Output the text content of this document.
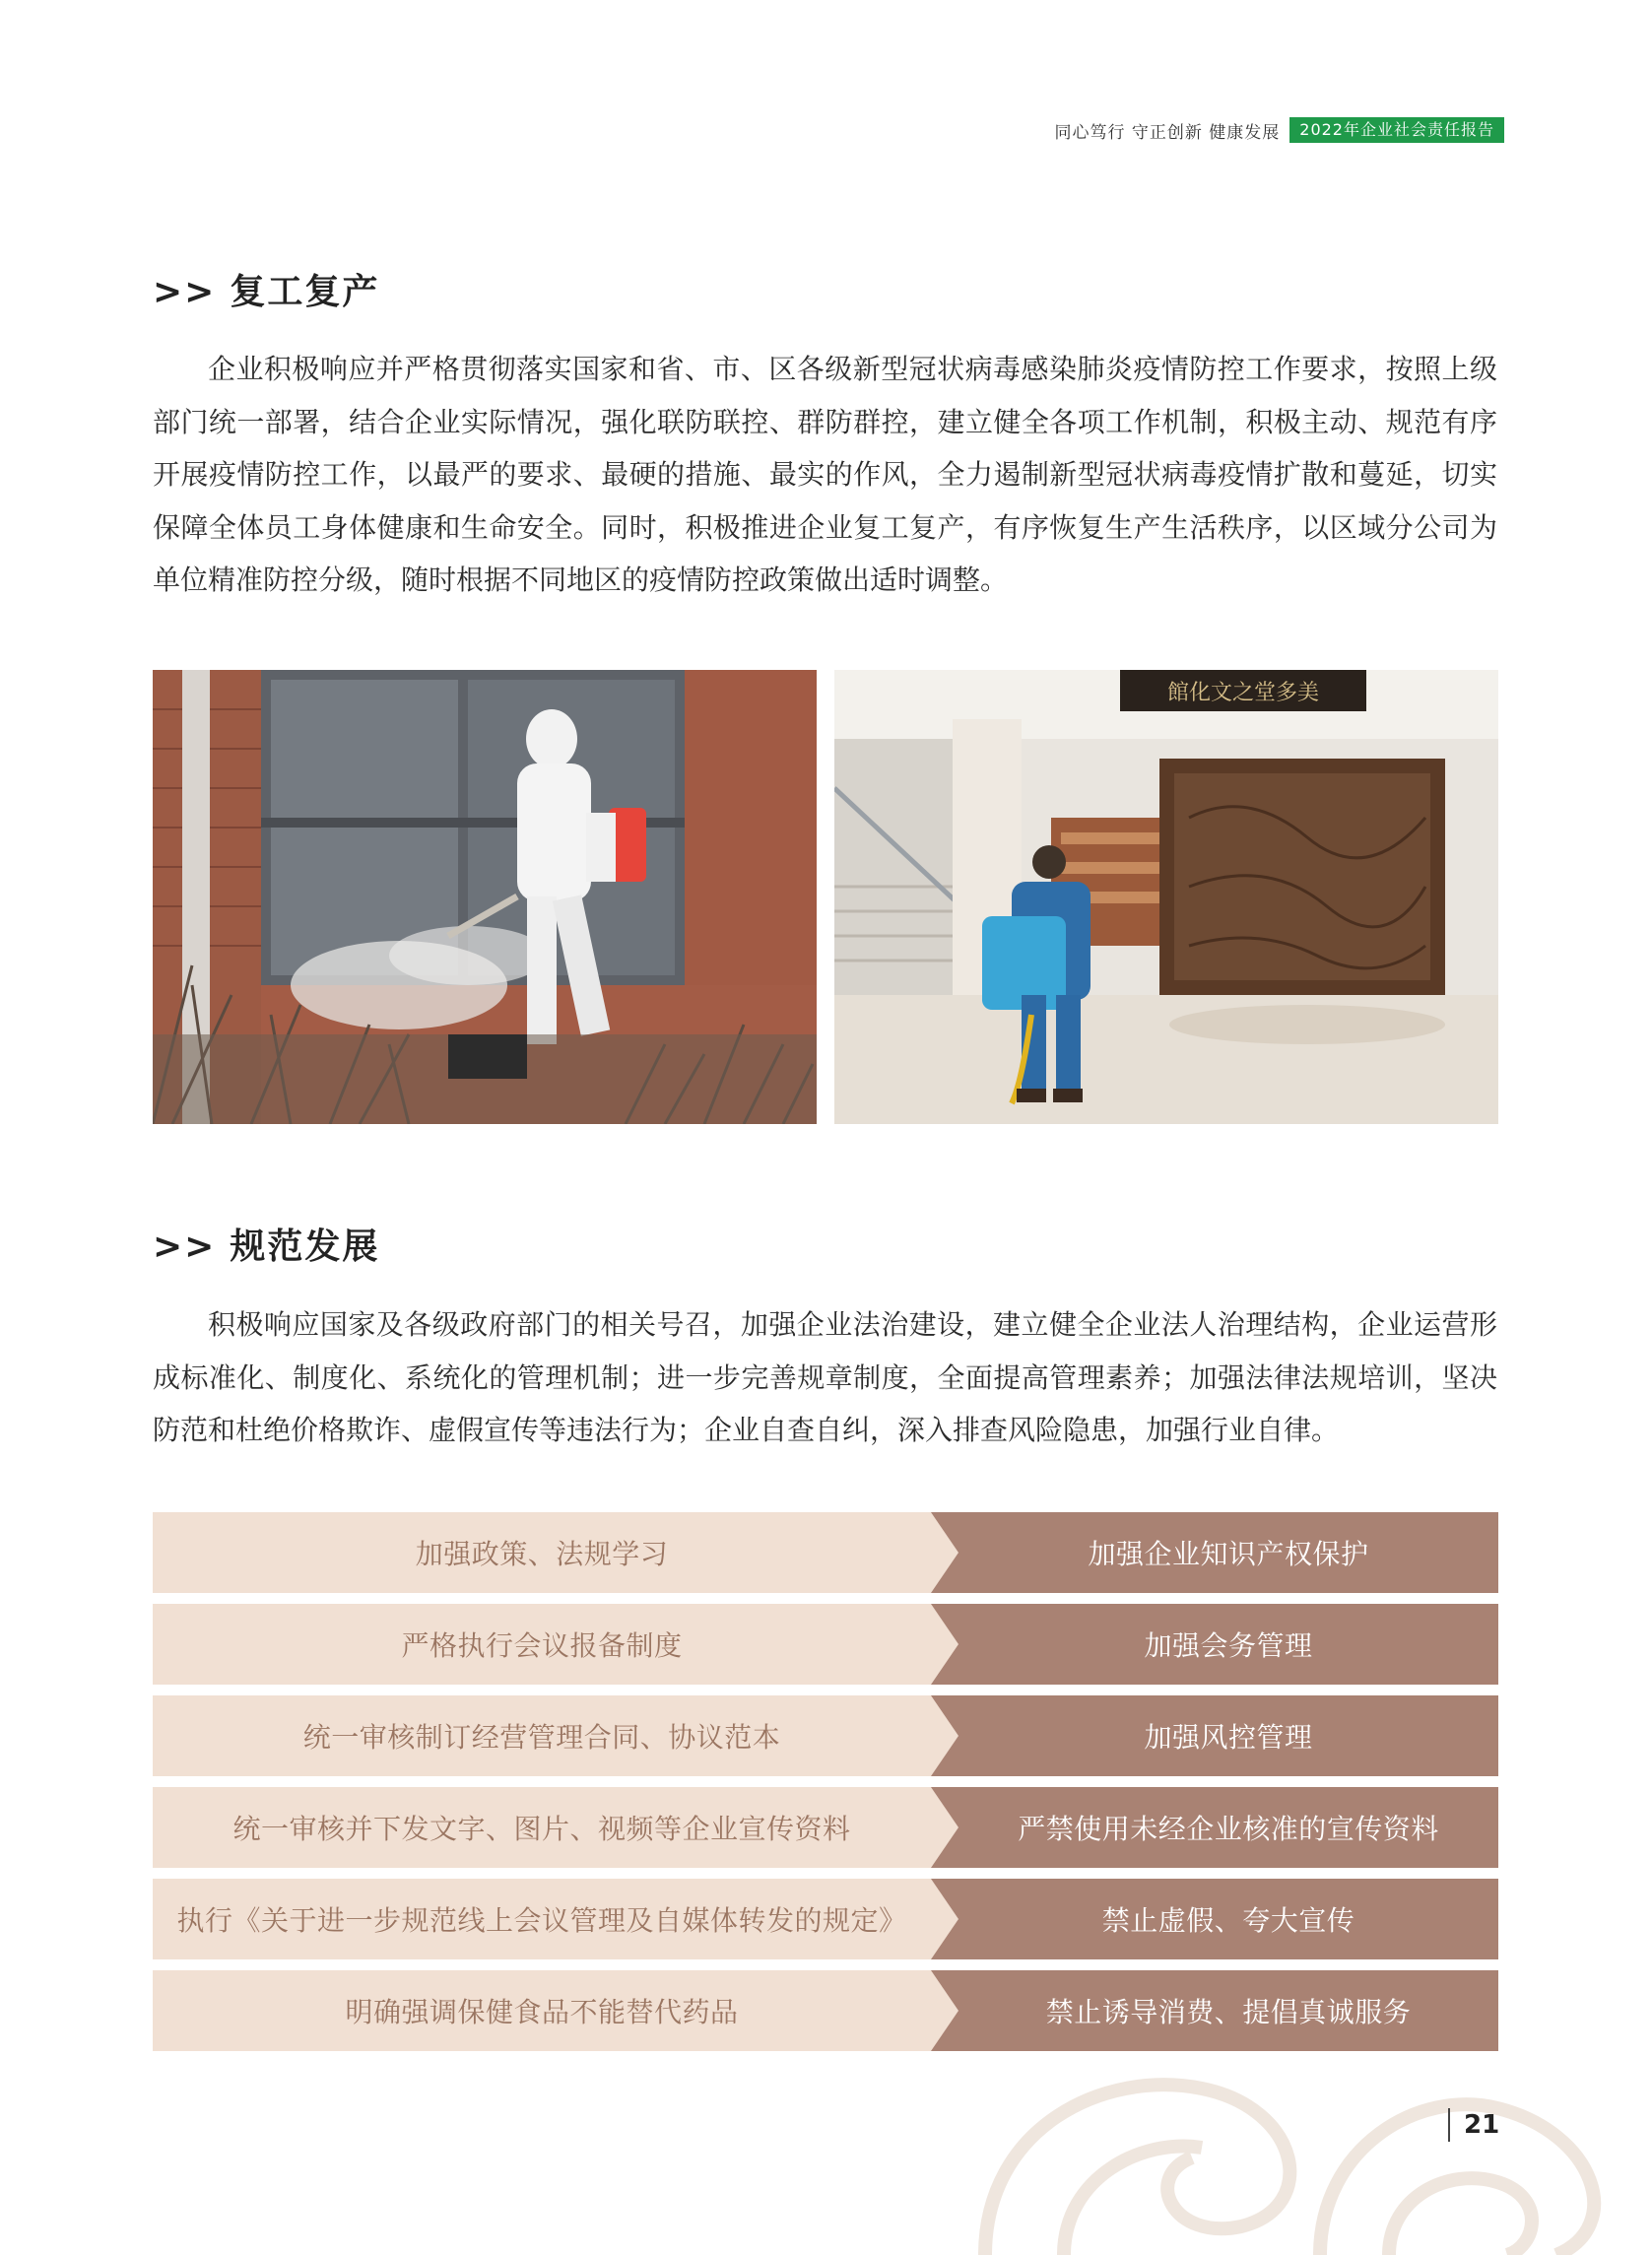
同心笃行 守正创新 健康发展	2022年企业社会责任报告
>> 复工复产

企业积极响应并严格贯彻落实国家和省、市、区各级新型冠状病毒感染肺炎疫情防控工作要求，按照上级部门统一部署，结合企业实际情况，强化联防联控、群防群控，建立健全各项工作机制，积极主动、规范有序开展疫情防控工作，以最严的要求、最硬的措施、最实的作风，全力遏制新型冠状病毒疫情扩散和蔓延，切实保障全体员工身体健康和生命安全。同时，积极推进企业复工复产，有序恢复生产生活秩序，以区域分公司为单位精准防控分级，随时根据不同地区的疫情防控政策做出适时调整。

館化文之堂多美
>> 规范发展

积极响应国家及各级政府部门的相关号召，加强企业法治建设，建立健全企业法人治理结构，企业运营形成标准化、制度化、系统化的管理机制；进一步完善规章制度，全面提高管理素养；加强法律法规培训，坚决防范和杜绝价格欺诈、虚假宣传等违法行为；企业自查自纠，深入排查风险隐患，加强行业自律。

加强政策、法规学习	加强企业知识产权保护
严格执行会议报备制度	加强会务管理
统一审核制订经营管理合同、协议范本	加强风控管理
统一审核并下发文字、图片、视频等企业宣传资料	严禁使用未经企业核准的宣传资料
执行《关于进一步规范线上会议管理及自媒体转发的规定》	禁止虚假、夸大宣传
明确强调保健食品不能替代药品	禁止诱导消费、提倡真诚服务
21
